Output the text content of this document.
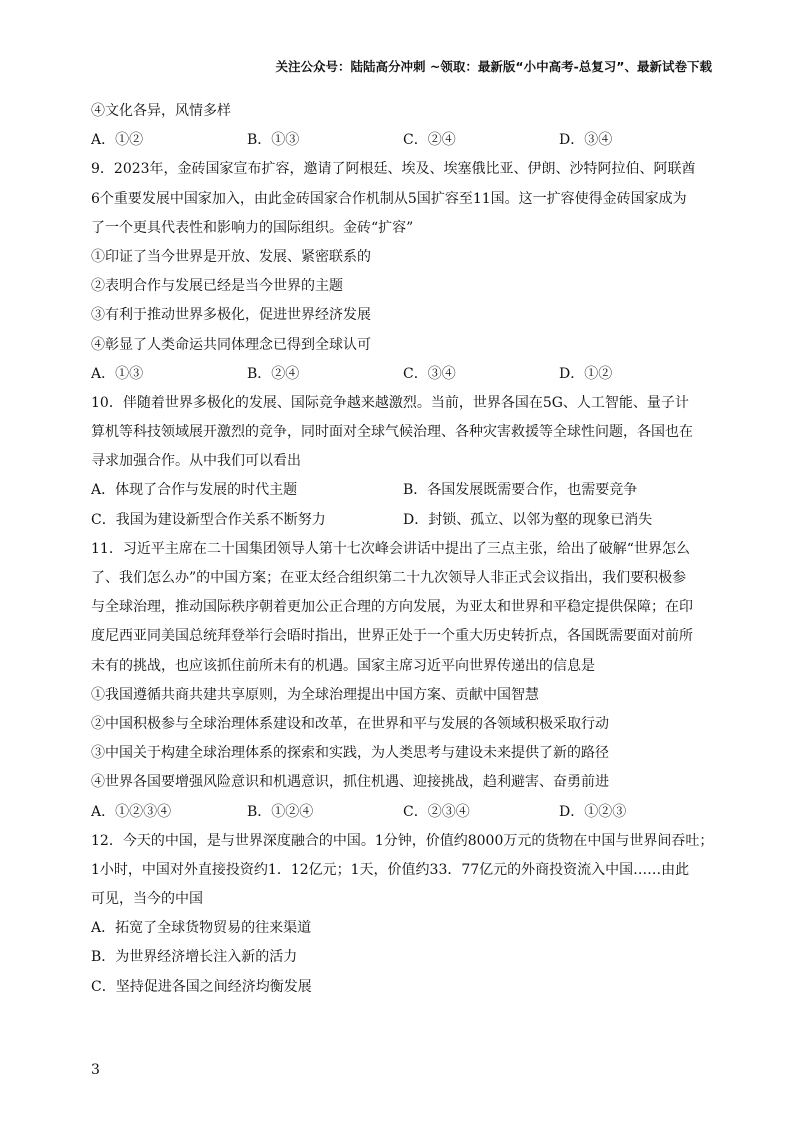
关注公众号：陆陆高分冲刺 ~领取：最新版“小中高考-总复习”、最新试卷下载
④文化各异，风情多样
A．①②	B．①③	C．②④	D．③④
9．2023年，金砖国家宣布扩容，邀请了阿根廷、埃及、埃塞俄比亚、伊朗、沙特阿拉伯、阿联酋
6个重要发展中国家加入，由此金砖国家合作机制从5国扩容至11国。这一扩容使得金砖国家成为
了一个更具代表性和影响力的国际组织。金砖“扩容”
①印证了当今世界是开放、发展、紧密联系的
②表明合作与发展已经是当今世界的主题
③有利于推动世界多极化，促进世界经济发展
④彰显了人类命运共同体理念已得到全球认可
A．①③	B．②④	C．③④	D．①②
10．伴随着世界多极化的发展、国际竞争越来越激烈。当前，世界各国在5G、人工智能、量子计
算机等科技领域展开激烈的竞争，同时面对全球气候治理、各种灾害救援等全球性问题，各国也在
寻求加强合作。从中我们可以看出
A．体现了合作与发展的时代主题	B．各国发展既需要合作，也需要竞争
C．我国为建设新型合作关系不断努力	D．封锁、孤立、以邻为壑的现象已消失
11．习近平主席在二十国集团领导人第十七次峰会讲话中提出了三点主张，给出了破解“世界怎么
了、我们怎么办”的中国方案；在亚太经合组织第二十九次领导人非正式会议指出，我们要积极参
与全球治理，推动国际秩序朝着更加公正合理的方向发展，为亚太和世界和平稳定提供保障；在印
度尼西亚同美国总统拜登举行会晤时指出，世界正处于一个重大历史转折点，各国既需要面对前所
未有的挑战，也应该抓住前所未有的机遇。国家主席习近平向世界传递出的信息是
①我国遵循共商共建共享原则，为全球治理提出中国方案、贡献中国智慧
②中国积极参与全球治理体系建设和改革，在世界和平与发展的各领域积极采取行动
③中国关于构建全球治理体系的探索和实践，为人类思考与建设未来提供了新的路径
④世界各国要增强风险意识和机遇意识，抓住机遇、迎接挑战，趋利避害、奋勇前进
A．①②③④	B．①②④	C．②③④	D．①②③
12．今天的中国，是与世界深度融合的中国。1分钟，价值约8000万元的货物在中国与世界间吞吐；
1小时，中国对外直接投资约1．12亿元；1天，价值约33．77亿元的外商投资流入中国……由此
可见，当今的中国
A．拓宽了全球货物贸易的往来渠道
B．为世界经济增长注入新的活力
C．坚持促进各国之间经济均衡发展
3
